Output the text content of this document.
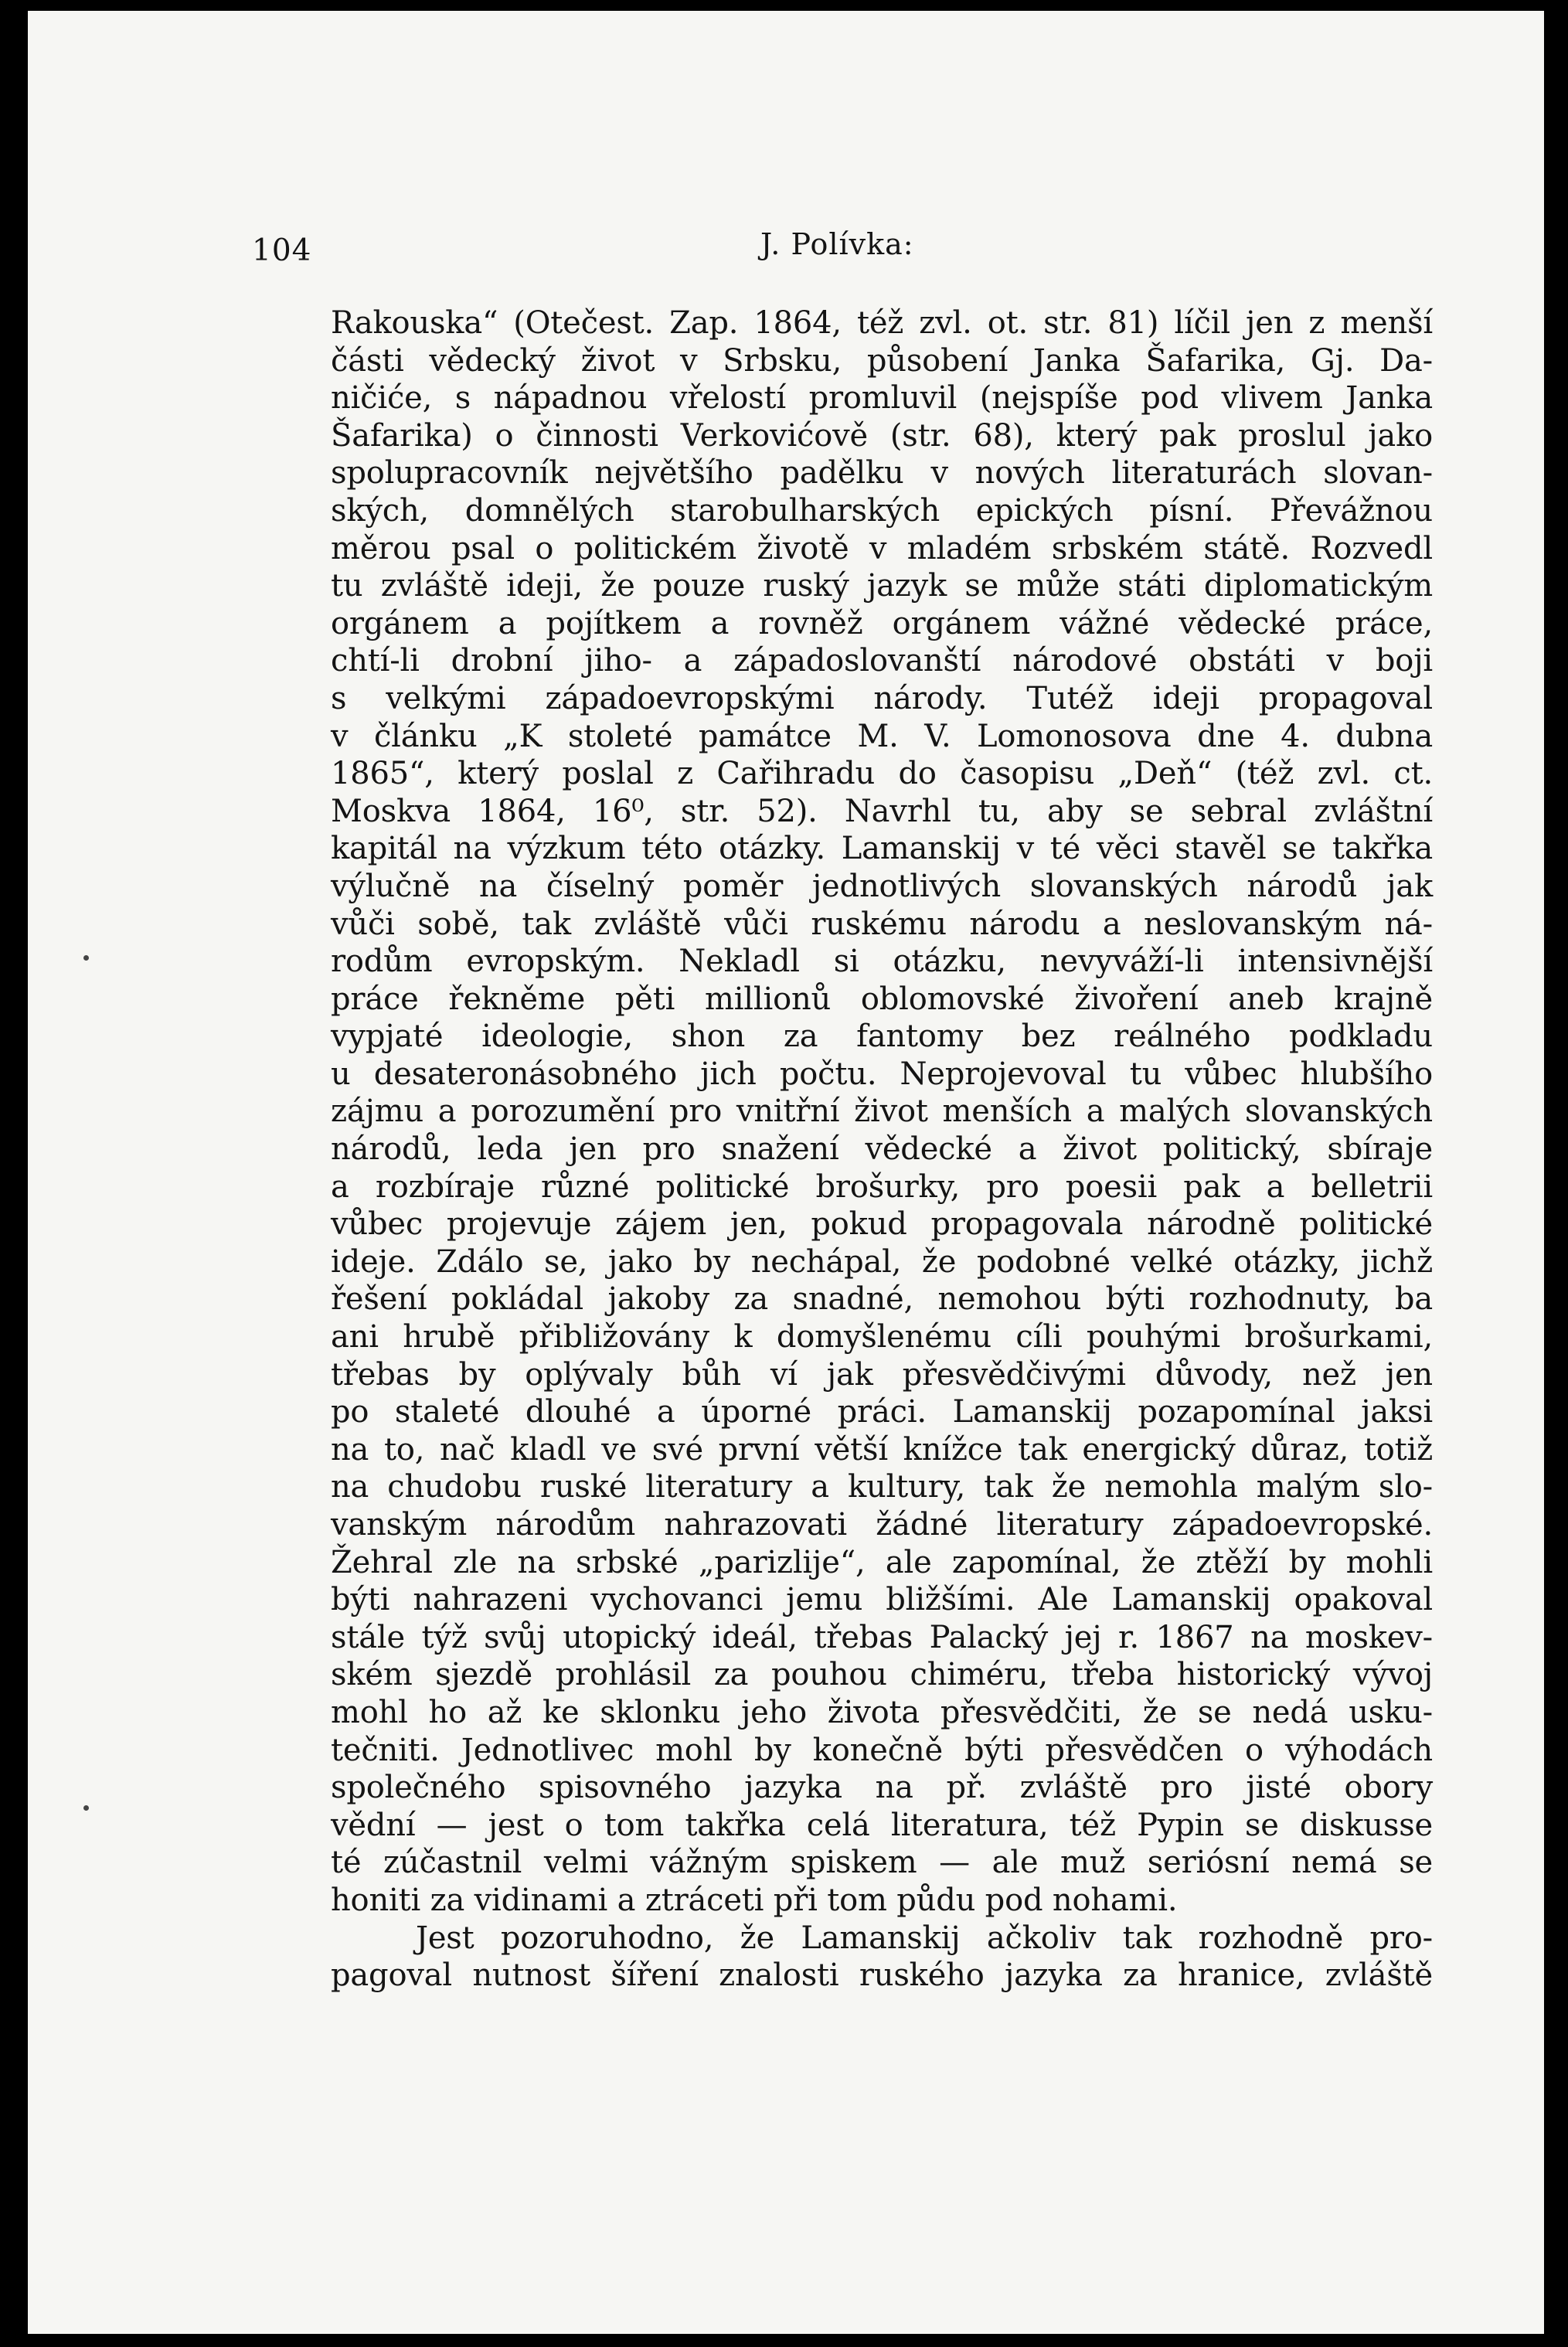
104	J. Polívka:
Rakouska“ (Otečest. Zap. 1864, též zvl. ot. str. 81) líčil jen z menší
části vědecký život v Srbsku, působení Janka Šafarika, Gj. Da-
ničiće, s nápadnou vřelostí promluvil (nejspíše pod vlivem Janka
Šafarika) o činnosti Verkovićově (str. 68), který pak proslul jako
spolupracovník největšího padělku v nových literaturách slovan-
ských, domnělých starobulharských epických písní. Převážnou
měrou psal o politickém životě v mladém srbském státě. Rozvedl
tu zvláště ideji, že pouze ruský jazyk se může státi diplomatickým
orgánem a pojítkem a rovněž orgánem vážné vědecké práce,
chtí-li drobní jiho- a západoslovanští národové obstáti v boji
s velkými západoevropskými národy. Tutéž ideji propagoval
v článku „K stoleté památce M. V. Lomonosova dne 4. dubna
1865“, který poslal z Cařihradu do časopisu „Deň“ (též zvl. ct.
Moskva 1864, 16⁰, str. 52). Navrhl tu, aby se sebral zvláštní
kapitál na výzkum této otázky. Lamanskij v té věci stavěl se takřka
výlučně na číselný poměr jednotlivých slovanských národů jak
vůči sobě, tak zvláště vůči ruskému národu a neslovanským ná-
rodům evropským. Nekladl si otázku, nevyváží-li intensivnější
práce řekněme pěti millionů oblomovské živoření aneb krajně
vypjaté ideologie, shon za fantomy bez reálného podkladu
u desateronásobného jich počtu. Neprojevoval tu vůbec hlubšího
zájmu a porozumění pro vnitřní život menších a malých slovanských
národů, leda jen pro snažení vědecké a život politický, sbíraje
a rozbíraje různé politické brošurky, pro poesii pak a belletrii
vůbec projevuje zájem jen, pokud propagovala národně politické
ideje. Zdálo se, jako by nechápal, že podobné velké otázky, jichž
řešení pokládal jakoby za snadné, nemohou býti rozhodnuty, ba
ani hrubě přibližovány k domyšlenému cíli pouhými brošurkami,
třebas by oplývaly bůh ví jak přesvědčivými důvody, než jen
po staleté dlouhé a úporné práci. Lamanskij pozapomínal jaksi
na to, nač kladl ve své první větší knížce tak energický důraz, totiž
na chudobu ruské literatury a kultury, tak že nemohla malým slo-
vanským národům nahrazovati žádné literatury západoevropské.
Žehral zle na srbské „parizlije“, ale zapomínal, že ztěží by mohli
býti nahrazeni vychovanci jemu bližšími. Ale Lamanskij opakoval
stále týž svůj utopický ideál, třebas Palacký jej r. 1867 na moskev-
ském sjezdě prohlásil za pouhou chiméru, třeba historický vývoj
mohl ho až ke sklonku jeho života přesvědčiti, že se nedá usku-
tečniti. Jednotlivec mohl by konečně býti přesvědčen o výhodách
společného spisovného jazyka na př. zvláště pro jisté obory
vědní — jest o tom takřka celá literatura, též Pypin se diskusse
té zúčastnil velmi vážným spiskem — ale muž seriósní nemá se
honiti za vidinami a ztráceti při tom půdu pod nohami.
Jest pozoruhodno, že Lamanskij ačkoliv tak rozhodně pro-
pagoval nutnost šíření znalosti ruského jazyka za hranice, zvláště
